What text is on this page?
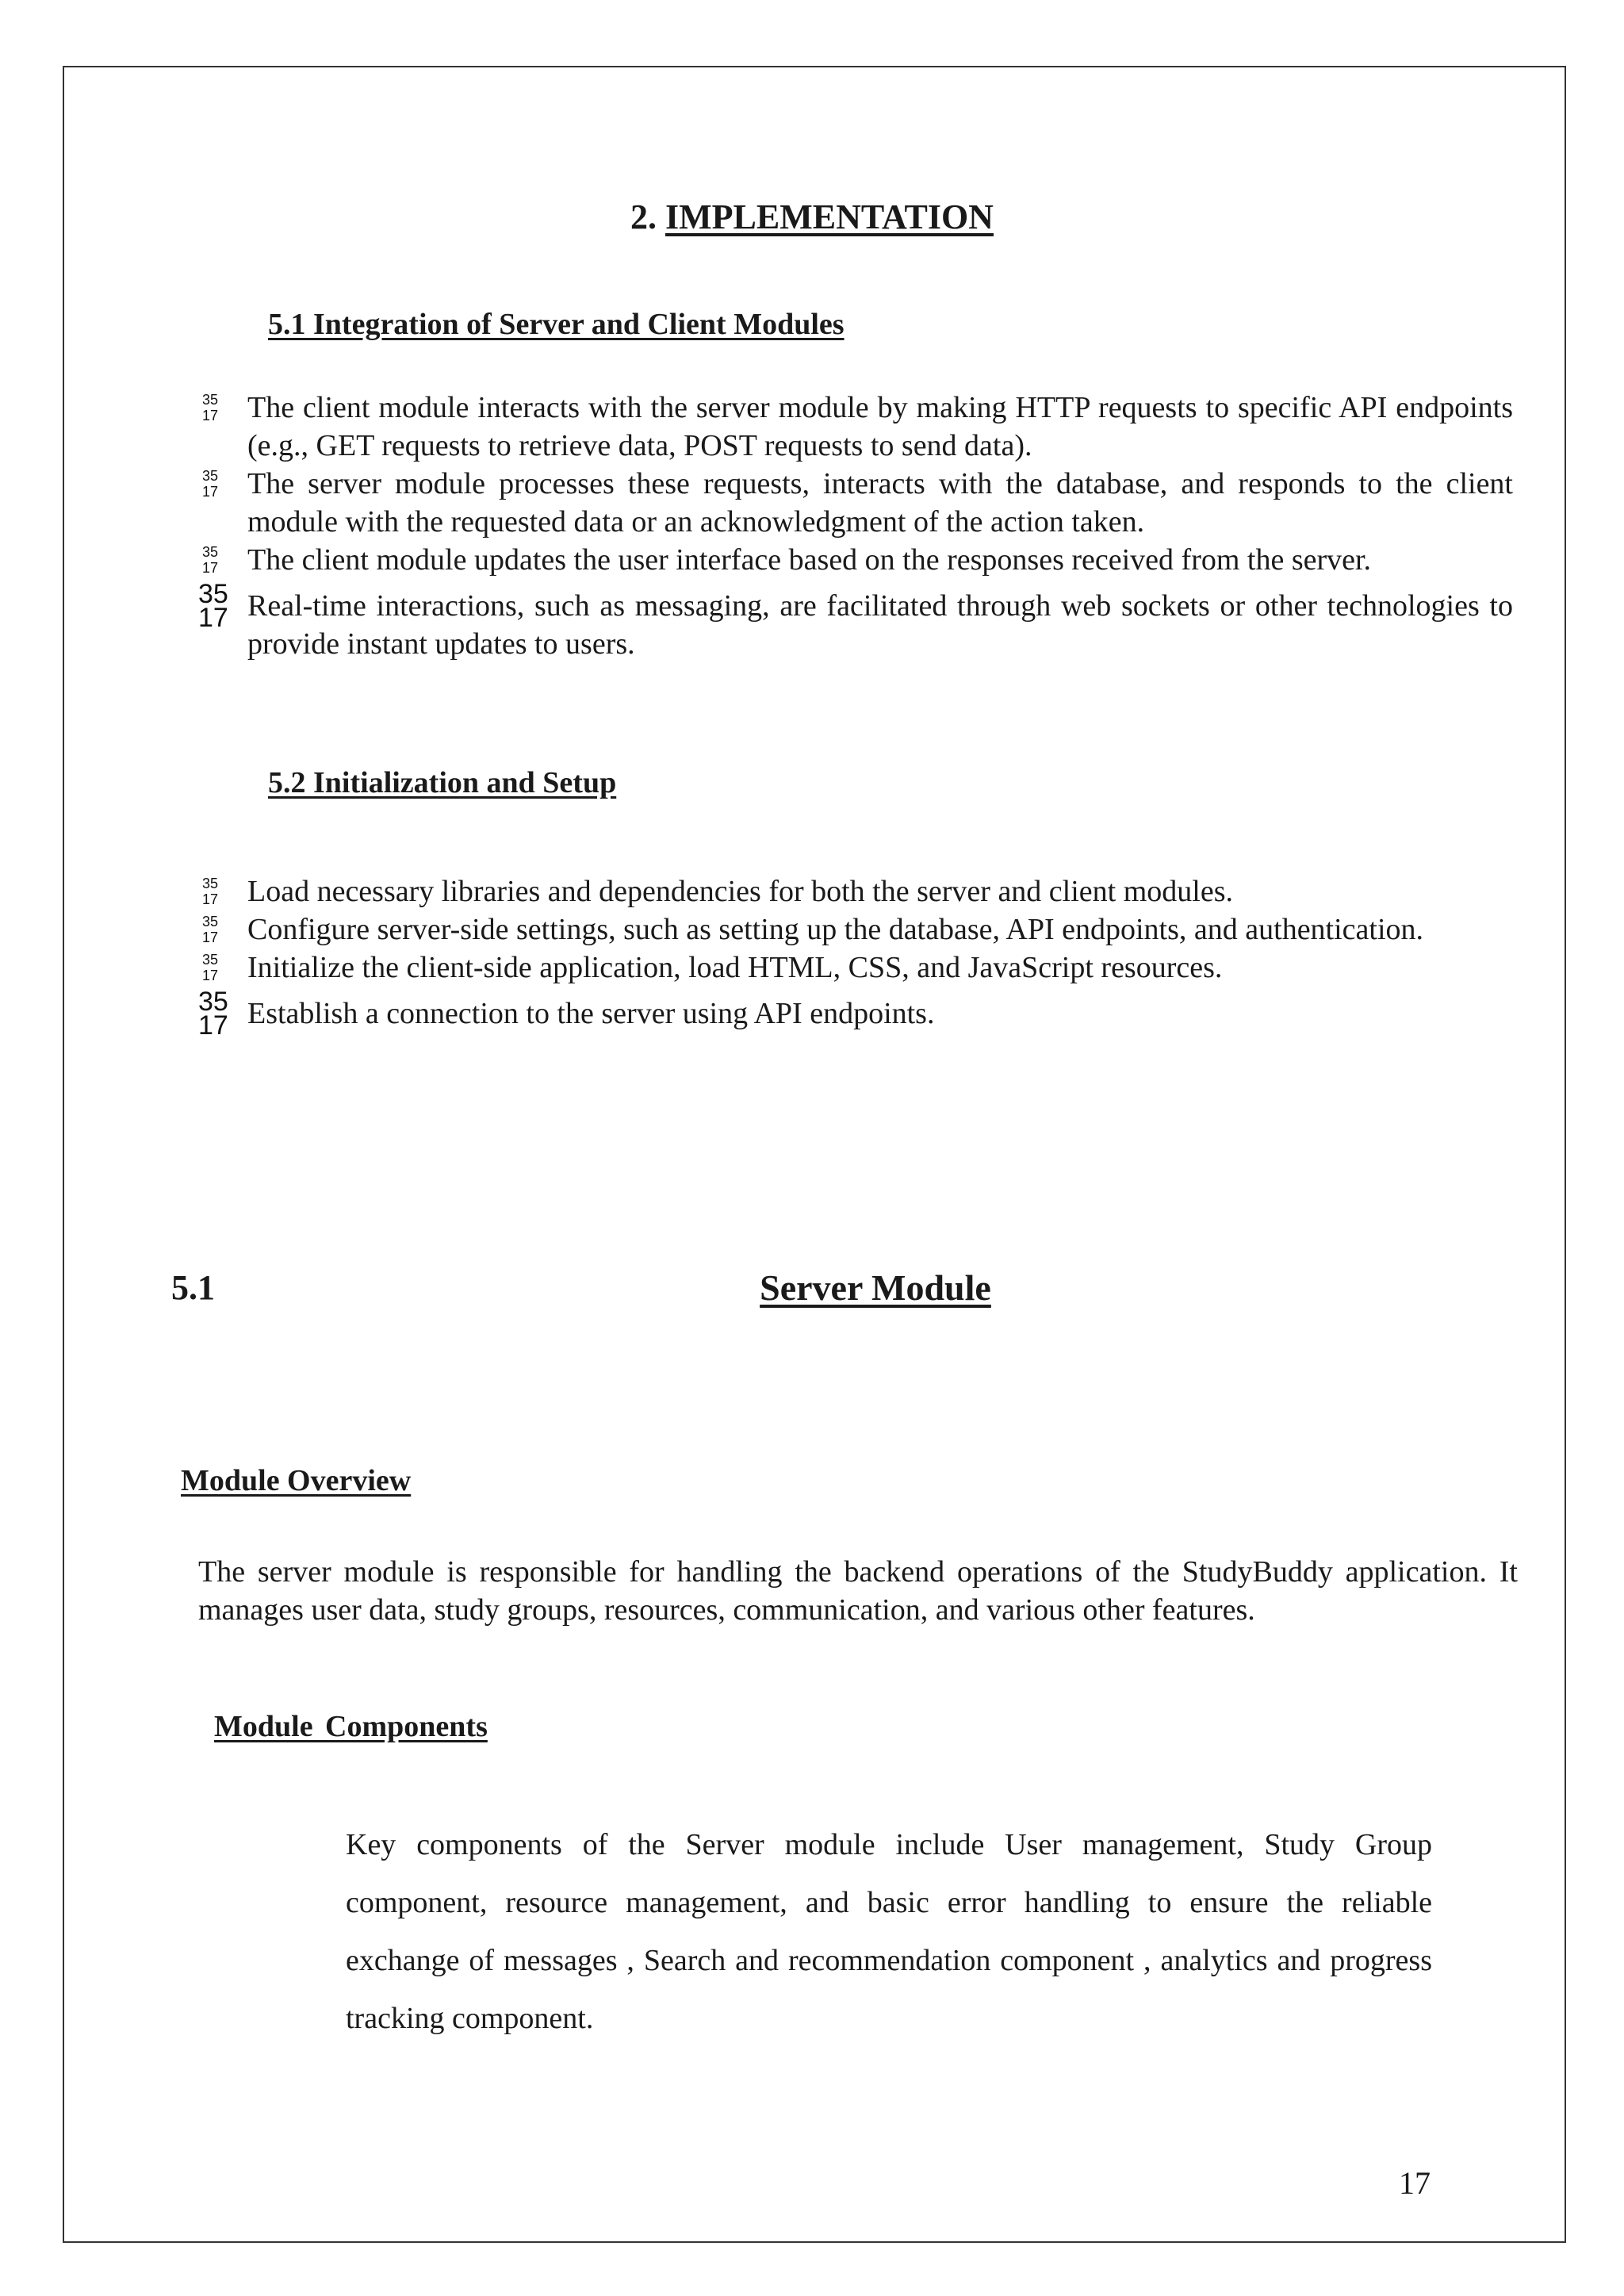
2. IMPLEMENTATION
5.1 Integration of Server and Client Modules
35
17 The client module interacts with the server module by making HTTP requests to specific API endpoints (e.g., GET requests to retrieve data, POST requests to send data).
35
17 The server module processes these requests, interacts with the database, and responds to the client module with the requested data or an acknowledgment of the action taken.
35
17 The client module updates the user interface based on the responses received from the server.
35
17 Real-time interactions, such as messaging, are facilitated through web sockets or other technologies to provide instant updates to users.
5.2 Initialization and Setup
35
17 Load necessary libraries and dependencies for both the server and client modules.
35
17 Configure server-side settings, such as setting up the database, API endpoints, and authentication.
35
17 Initialize the client-side application, load HTML, CSS, and JavaScript resources.
35
17 Establish a connection to the server using API endpoints.
5.1	Server Module
Module Overview

The server module is responsible for handling the backend operations of the StudyBuddy application. It manages user data, study groups, resources, communication, and various other features.

Module Components

Key components of the Server module include User management, Study Group component, resource management, and basic error handling to ensure the reliable exchange of messages , Search and recommendation component , analytics and progress tracking component.

17
